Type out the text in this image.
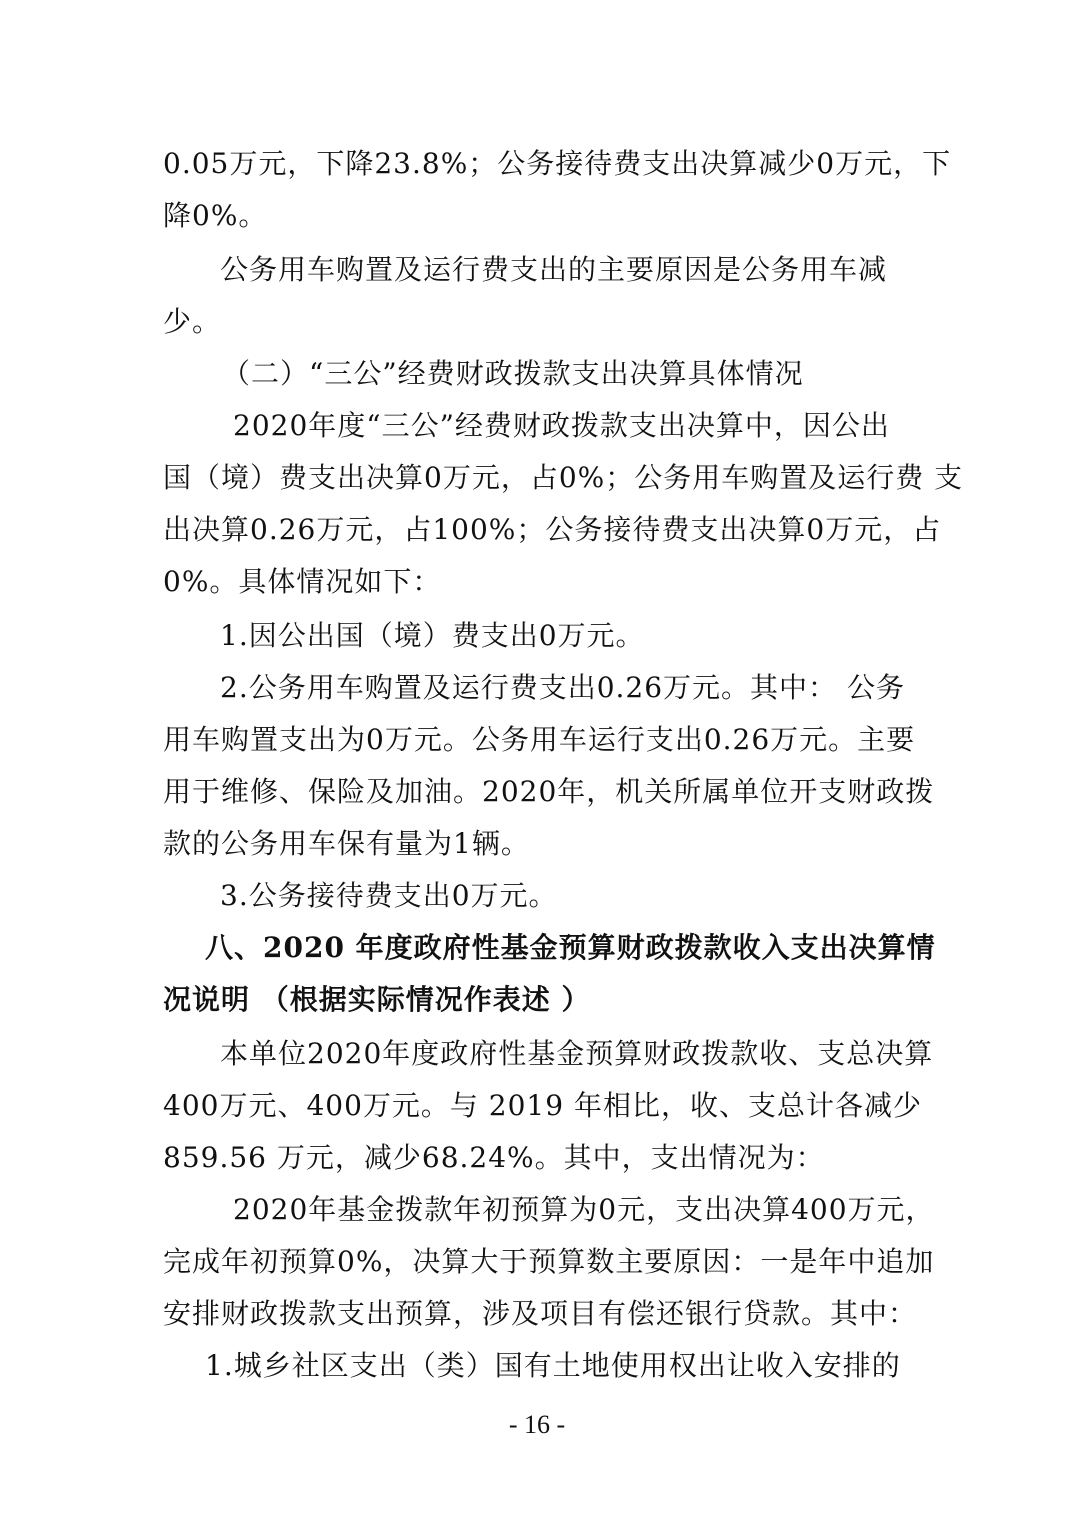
0.05万元，下降23.8%；公务接待费支出决算减少0万元，下
降0%。
公务用车购置及运行费支出的主要原因是公务用车减
少。
（二）“三公”经费财政拨款支出决算具体情况
2020年度“三公”经费财政拨款支出决算中，因公出
国（境）费支出决算0万元，占0%；公务用车购置及运行费 支
出决算0.26万元，占100%；公务接待费支出决算0万元，占
0%。具体情况如下：
1.因公出国（境）费支出0万元。
2.公务用车购置及运行费支出0.26万元。其中： 公务
用车购置支出为0万元。公务用车运行支出0.26万元。主要
用于维修、保险及加油。2020年，机关所属单位开支财政拨
款的公务用车保有量为1辆。
3.公务接待费支出0万元。
八、2020 年度政府性基金预算财政拨款收入支出决算情
况说明 （根据实际情况作表述 ）
本单位2020年度政府性基金预算财政拨款收、支总决算
400万元、400万元。与 2019 年相比，收、支总计各减少
859.56 万元，减少68.24%。其中，支出情况为：
2020年基金拨款年初预算为0元，支出决算400万元，
完成年初预算0%，决算大于预算数主要原因：一是年中追加
安排财政拨款支出预算，涉及项目有偿还银行贷款。其中：
1.城乡社区支出（类）国有土地使用权出让收入安排的
- 16 -
